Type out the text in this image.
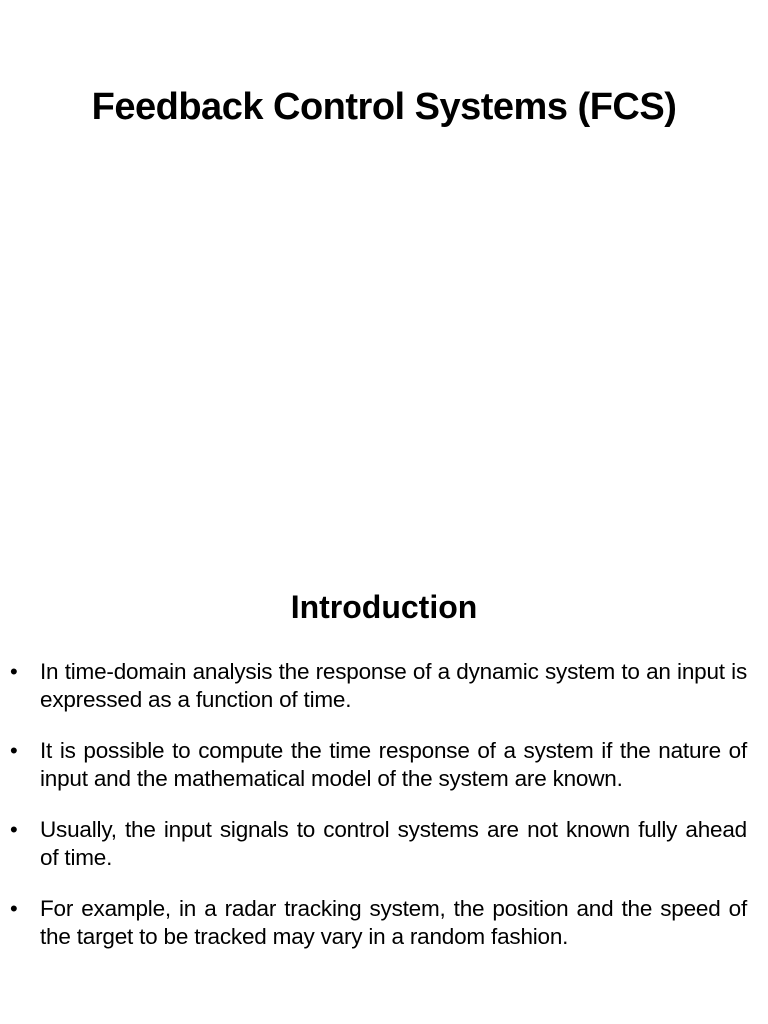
Feedback Control Systems (FCS)
Introduction
• In time-domain analysis the response of a dynamic system to an input is expressed as a function of time.
• It is possible to compute the time response of a system if the nature of input and the mathematical model of the system are known.
• Usually, the input signals to control systems are not known fully ahead of time.
• For example, in a radar tracking system, the position and the speed of the target to be tracked may vary in a random fashion.
